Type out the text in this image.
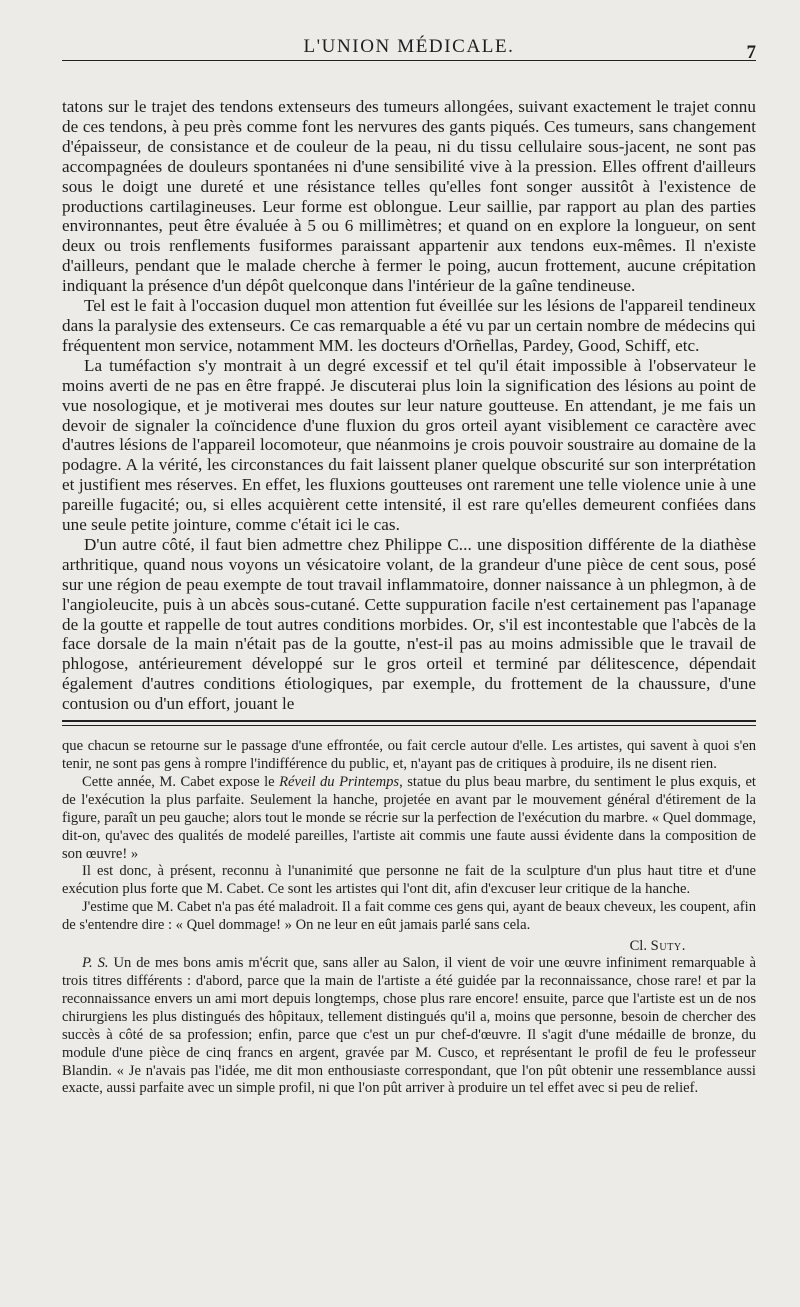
L'UNION MÉDICALE.	7

tatons sur le trajet des tendons extenseurs des tumeurs allongées, suivant exactement le trajet connu de ces tendons, à peu près comme font les nervures des gants piqués. Ces tumeurs, sans changement d'épaisseur, de consistance et de couleur de la peau, ni du tissu cellulaire sous-jacent, ne sont pas accompagnées de douleurs spontanées ni d'une sensibilité vive à la pression. Elles offrent d'ailleurs sous le doigt une dureté et une résistance telles qu'elles font songer aussitôt à l'existence de productions cartilagineuses. Leur forme est oblongue. Leur saillie, par rapport au plan des parties environnantes, peut être évaluée à 5 ou 6 millimètres; et quand on en explore la longueur, on sent deux ou trois renflements fusiformes paraissant appartenir aux tendons eux-mêmes. Il n'existe d'ailleurs, pendant que le malade cherche à fermer le poing, aucun frottement, aucune crépitation indiquant la présence d'un dépôt quelconque dans l'intérieur de la gaîne tendineuse.

Tel est le fait à l'occasion duquel mon attention fut éveillée sur les lésions de l'appareil tendineux dans la paralysie des extenseurs. Ce cas remarquable a été vu par un certain nombre de médecins qui fréquentent mon service, notamment MM. les docteurs d'Orñellas, Pardey, Good, Schiff, etc.

La tuméfaction s'y montrait à un degré excessif et tel qu'il était impossible à l'observateur le moins averti de ne pas en être frappé. Je discuterai plus loin la signification des lésions au point de vue nosologique, et je motiverai mes doutes sur leur nature goutteuse. En attendant, je me fais un devoir de signaler la coïncidence d'une fluxion du gros orteil ayant visiblement ce caractère avec d'autres lésions de l'appareil locomoteur, que néanmoins je crois pouvoir soustraire au domaine de la podagre. A la vérité, les circonstances du fait laissent planer quelque obscurité sur son interprétation et justifient mes réserves. En effet, les fluxions goutteuses ont rarement une telle violence unie à une pareille fugacité; ou, si elles acquièrent cette intensité, il est rare qu'elles demeurent confiées dans une seule petite jointure, comme c'était ici le cas.

D'un autre côté, il faut bien admettre chez Philippe C... une disposition différente de la diathèse arthritique, quand nous voyons un vésicatoire volant, de la grandeur d'une pièce de cent sous, posé sur une région de peau exempte de tout travail inflammatoire, donner naissance à un phlegmon, à de l'angioleucite, puis à un abcès sous-cutané. Cette suppuration facile n'est certainement pas l'apanage de la goutte et rappelle de tout autres conditions morbides. Or, s'il est incontestable que l'abcès de la face dorsale de la main n'était pas de la goutte, n'est-il pas au moins admissible que le travail de phlogose, antérieurement développé sur le gros orteil et terminé par délitescence, dépendait également d'autres conditions étiologiques, par exemple, du frottement de la chaussure, d'une contusion ou d'un effort, jouant le

que chacun se retourne sur le passage d'une effrontée, ou fait cercle autour d'elle. Les artistes, qui savent à quoi s'en tenir, ne sont pas gens à rompre l'indifférence du public, et, n'ayant pas de critiques à produire, ils ne disent rien.

Cette année, M. Cabet expose le Réveil du Printemps, statue du plus beau marbre, du sentiment le plus exquis, et de l'exécution la plus parfaite. Seulement la hanche, projetée en avant par le mouvement général d'étirement de la figure, paraît un peu gauche; alors tout le monde se récrie sur la perfection de l'exécution du marbre. « Quel dommage, dit-on, qu'avec des qualités de modelé pareilles, l'artiste ait commis une faute aussi évidente dans la composition de son œuvre! »

Il est donc, à présent, reconnu à l'unanimité que personne ne fait de la sculpture d'un plus haut titre et d'une exécution plus forte que M. Cabet. Ce sont les artistes qui l'ont dit, afin d'excuser leur critique de la hanche.

J'estime que M. Cabet n'a pas été maladroit. Il a fait comme ces gens qui, ayant de beaux cheveux, les coupent, afin de s'entendre dire : « Quel dommage! » On ne leur en eût jamais parlé sans cela.

Cl. Suty.

P. S. Un de mes bons amis m'écrit que, sans aller au Salon, il vient de voir une œuvre infiniment remarquable à trois titres différents : d'abord, parce que la main de l'artiste a été guidée par la reconnaissance, chose rare! et par la reconnaissance envers un ami mort depuis longtemps, chose plus rare encore! ensuite, parce que l'artiste est un de nos chirurgiens les plus distingués des hôpitaux, tellement distingués qu'il a, moins que personne, besoin de chercher des succès à côté de sa profession; enfin, parce que c'est un pur chef-d'œuvre. Il s'agit d'une médaille de bronze, du module d'une pièce de cinq francs en argent, gravée par M. Cusco, et représentant le profil de feu le professeur Blandin. « Je n'avais pas l'idée, me dit mon enthousiaste correspondant, que l'on pût obtenir une ressemblance aussi exacte, aussi parfaite avec un simple profil, ni que l'on pût arriver à produire un tel effet avec si peu de relief.
